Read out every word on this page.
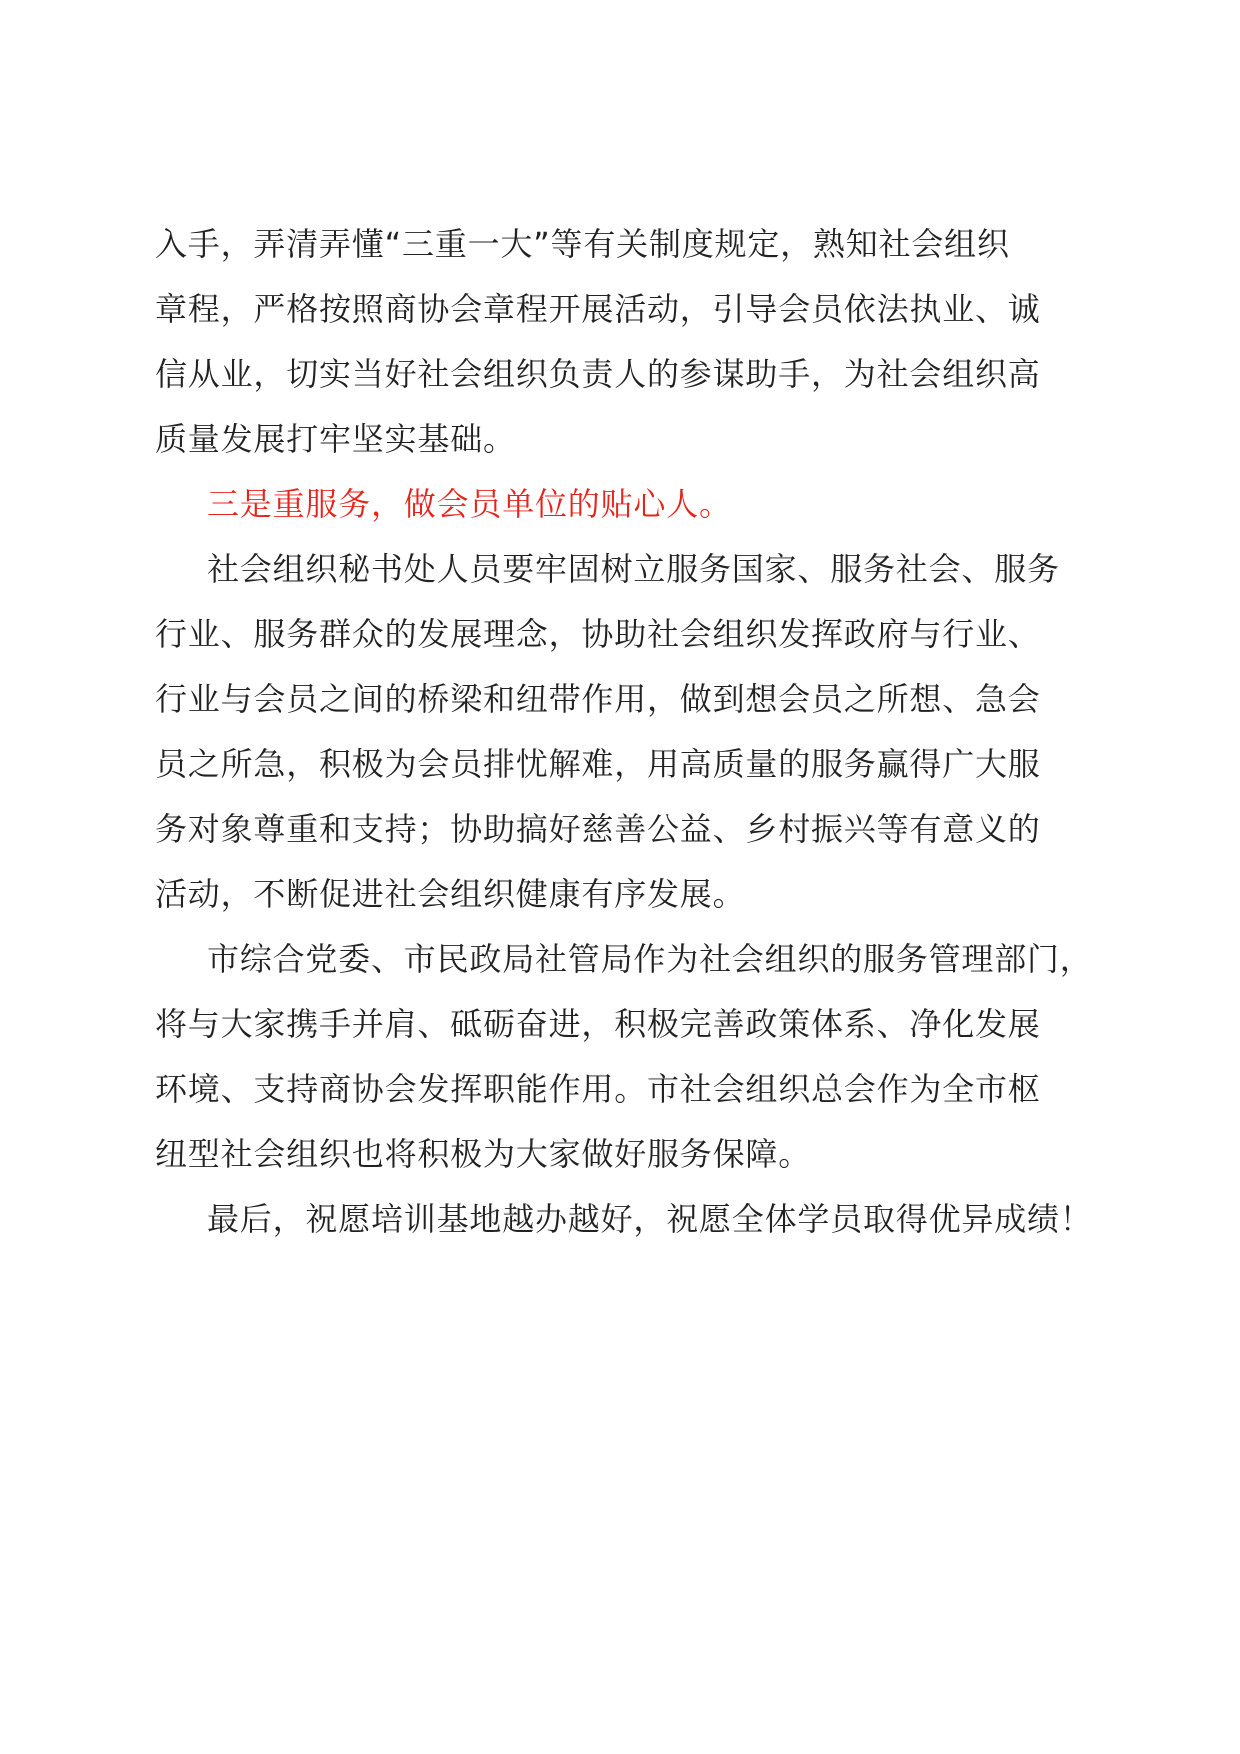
入手，弄清弄懂“三重一大”等有关制度规定，熟知社会组织
章程，严格按照商协会章程开展活动，引导会员依法执业、诚
信从业，切实当好社会组织负责人的参谋助手，为社会组织高
质量发展打牢坚实基础。

三是重服务，做会员单位的贴心人。

社会组织秘书处人员要牢固树立服务国家、服务社会、服务
行业、服务群众的发展理念，协助社会组织发挥政府与行业、
行业与会员之间的桥梁和纽带作用，做到想会员之所想、急会
员之所急，积极为会员排忧解难，用高质量的服务赢得广大服
务对象尊重和支持；协助搞好慈善公益、乡村振兴等有意义的
活动，不断促进社会组织健康有序发展。

市综合党委、市民政局社管局作为社会组织的服务管理部门，
将与大家携手并肩、砥砺奋进，积极完善政策体系、净化发展
环境、支持商协会发挥职能作用。市社会组织总会作为全市枢
纽型社会组织也将积极为大家做好服务保障。

最后，祝愿培训基地越办越好，祝愿全体学员取得优异成绩！
